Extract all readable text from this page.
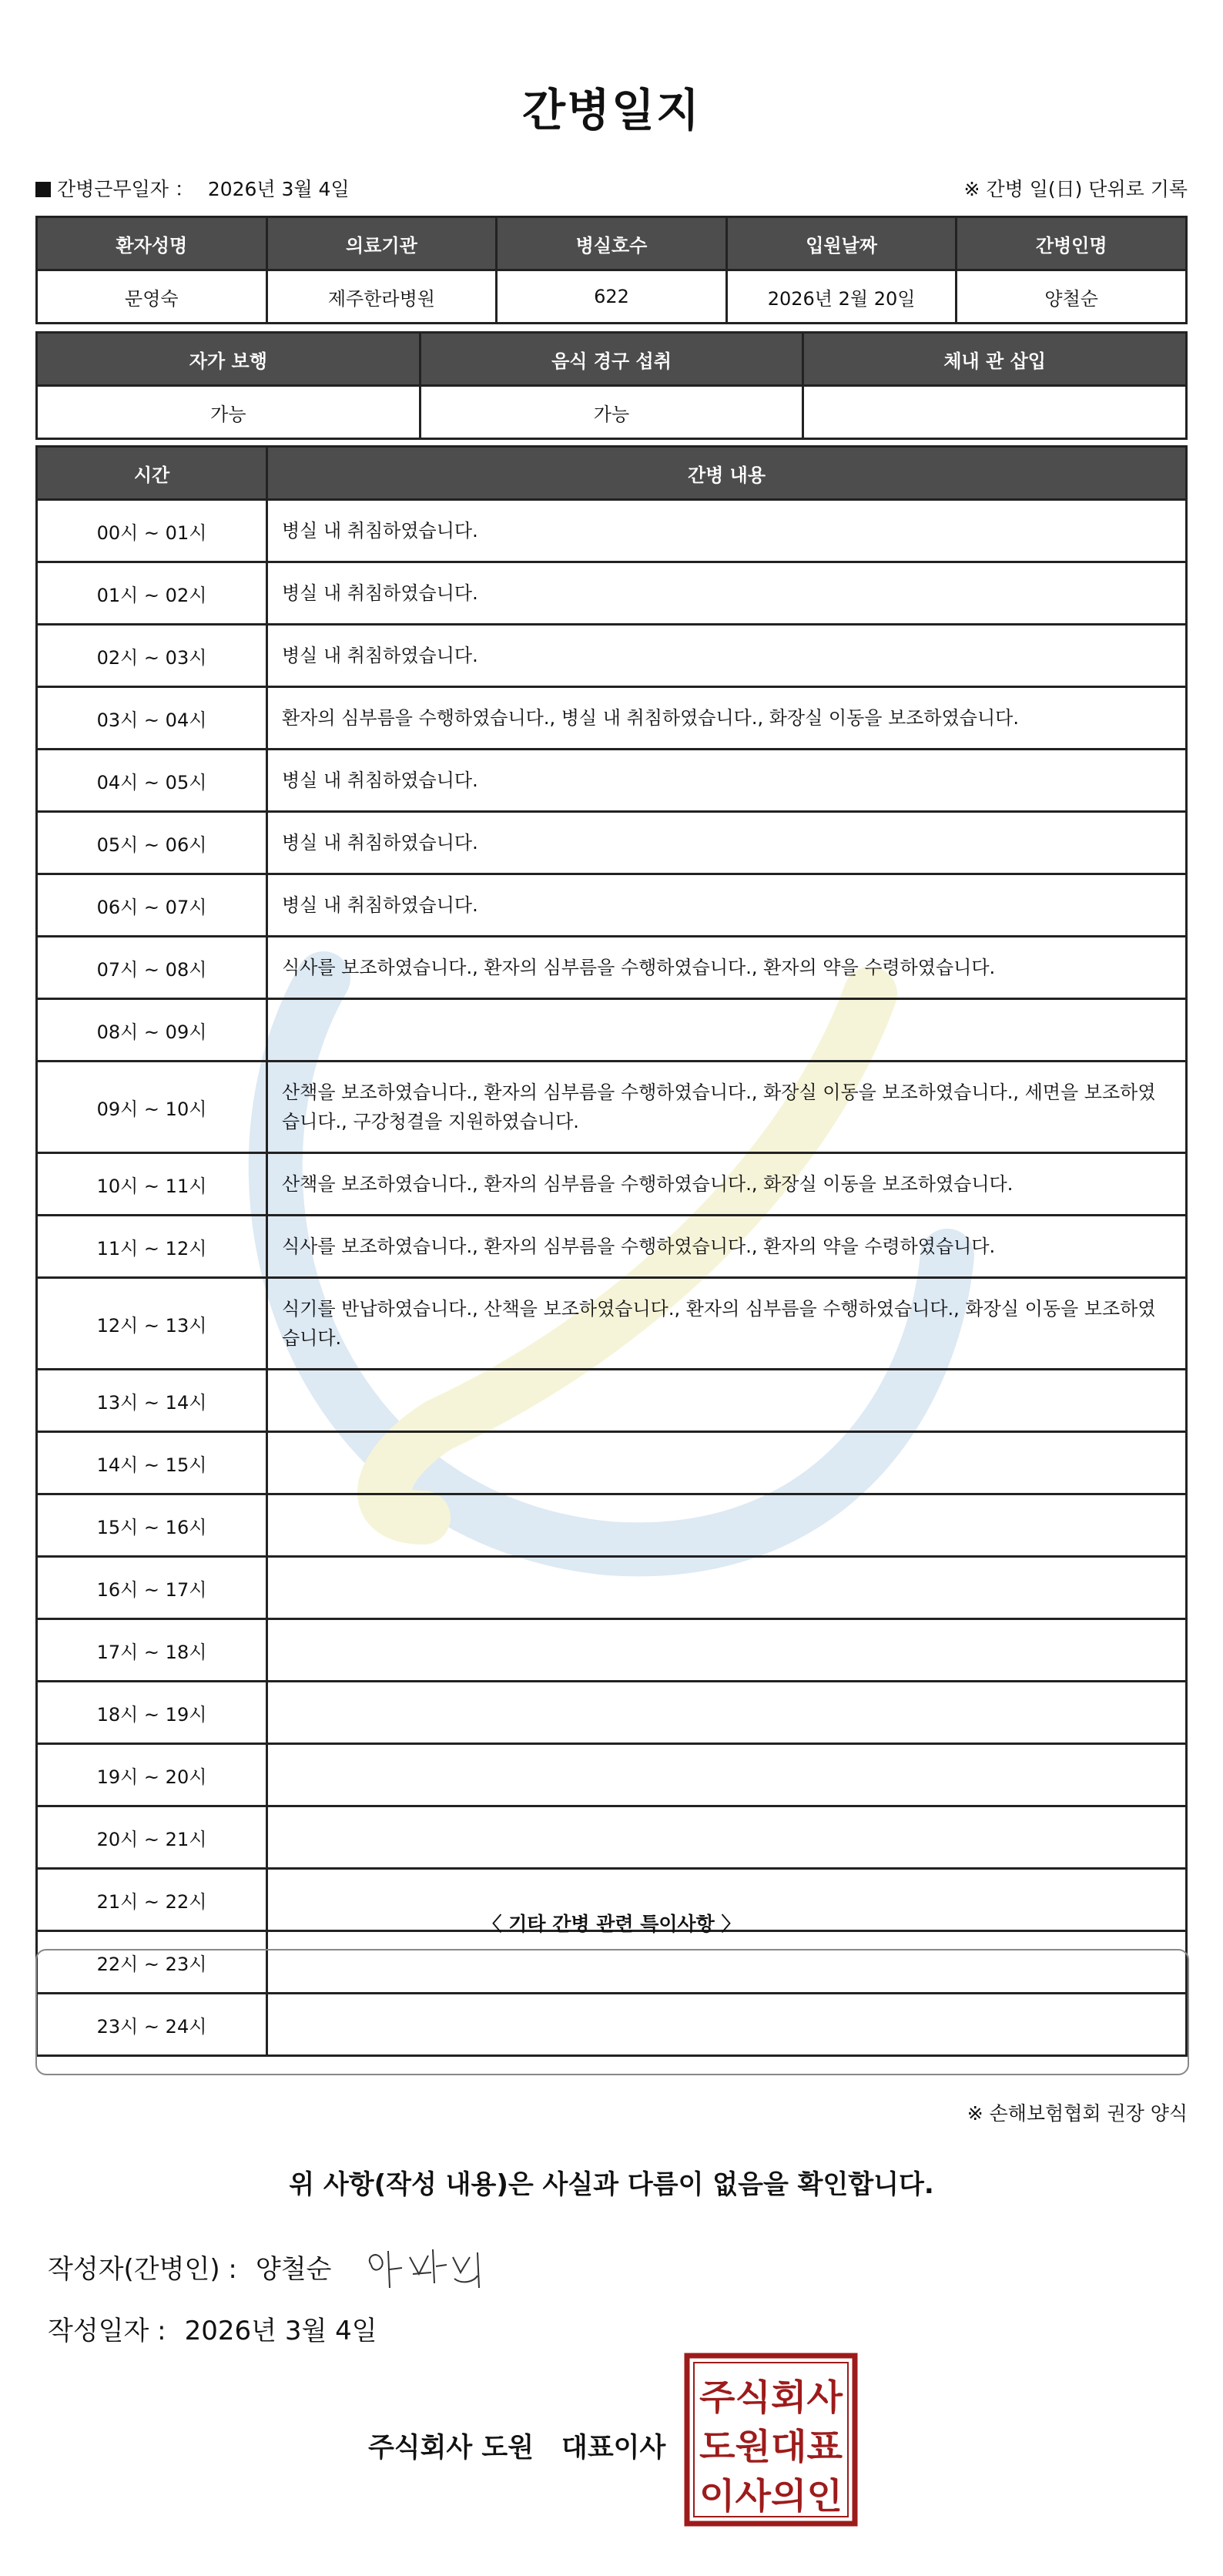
간병일지
간병근무일자 ： 2026년 3월 4일	※ 간병 일(日) 단위로 기록
환자성명	의료기관	병실호수	입원날짜	간병인명
문영숙	제주한라병원	622	2026년 2월 20일	양철순
자가 보행	음식 경구 섭취	체내 관 삽입
가능	가능	
시간	간병 내용
00시 ~ 01시	병실 내 취침하였습니다.
01시 ~ 02시	병실 내 취침하였습니다.
02시 ~ 03시	병실 내 취침하였습니다.
03시 ~ 04시	환자의 심부름을 수행하였습니다., 병실 내 취침하였습니다., 화장실 이동을 보조하였습니다.
04시 ~ 05시	병실 내 취침하였습니다.
05시 ~ 06시	병실 내 취침하였습니다.
06시 ~ 07시	병실 내 취침하였습니다.
07시 ~ 08시	식사를 보조하였습니다., 환자의 심부름을 수행하였습니다., 환자의 약을 수령하였습니다.
08시 ~ 09시	
09시 ~ 10시	산책을 보조하였습니다., 환자의 심부름을 수행하였습니다., 화장실 이동을 보조하였습니다., 세면을 보조하였습니다., 구강청결을 지원하였습니다.
10시 ~ 11시	산책을 보조하였습니다., 환자의 심부름을 수행하였습니다., 화장실 이동을 보조하였습니다.
11시 ~ 12시	식사를 보조하였습니다., 환자의 심부름을 수행하였습니다., 환자의 약을 수령하였습니다.
12시 ~ 13시	식기를 반납하였습니다., 산책을 보조하였습니다., 환자의 심부름을 수행하였습니다., 화장실 이동을 보조하였습니다.
13시 ~ 14시	
14시 ~ 15시	
15시 ~ 16시	
16시 ~ 17시	
17시 ~ 18시	
18시 ~ 19시	
19시 ~ 20시	
20시 ~ 21시	
21시 ~ 22시	
22시 ~ 23시	
23시 ~ 24시	
〈 기타 간병 관련 특이사항 〉
※ 손해보험협회 권장 양식
위 사항(작성 내용)은 사실과 다름이 없음을 확인합니다.
작성자(간병인) : 양철순
작성일자 : 2026년 3월 4일
주식회사 도원 대표이사
주식회사
도원대표
이사의인
